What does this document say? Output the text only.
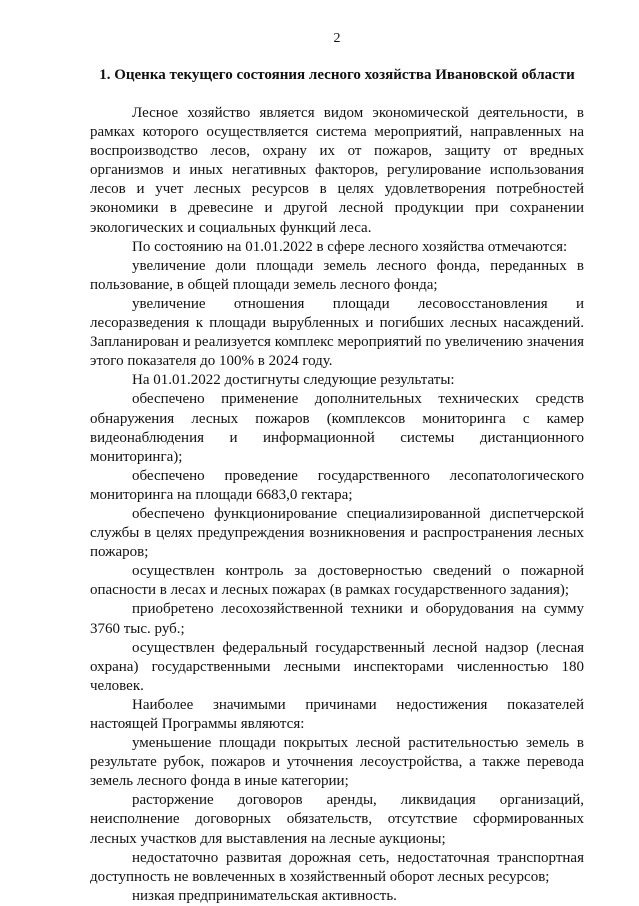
2
1. Оценка текущего состояния лесного хозяйства Ивановской области

Лесное хозяйство является видом экономической деятельности, в рамках которого осуществляется система мероприятий, направленных на воспроизводство лесов, охрану их от пожаров, защиту от вредных организмов и иных негативных факторов, регулирование использования лесов и учет лесных ресурсов в целях удовлетворения потребностей экономики в древесине и другой лесной продукции при сохранении экологических и социальных функций леса.

По состоянию на 01.01.2022 в сфере лесного хозяйства отмечаются:

увеличение доли площади земель лесного фонда, переданных в пользование, в общей площади земель лесного фонда;

увеличение отношения площади лесовосстановления и лесоразведения к площади вырубленных и погибших лесных насаждений. Запланирован и реализуется комплекс мероприятий по увеличению значения этого показателя до 100% в 2024 году.

На 01.01.2022 достигнуты следующие результаты:

обеспечено применение дополнительных технических средств обнаружения лесных пожаров (комплексов мониторинга с камер видеонаблюдения и информационной системы дистанционного мониторинга);

обеспечено проведение государственного лесопатологического мониторинга на площади 6683,0 гектара;

обеспечено функционирование специализированной диспетчерской службы в целях предупреждения возникновения и распространения лесных пожаров;

осуществлен контроль за достоверностью сведений о пожарной опасности в лесах и лесных пожарах (в рамках государственного задания);

приобретено лесохозяйственной техники и оборудования на сумму 3760 тыс. руб.;

осуществлен федеральный государственный лесной надзор (лесная охрана) государственными лесными инспекторами численностью 180 человек.

Наиболее значимыми причинами недостижения показателей настоящей Программы являются:

уменьшение площади покрытых лесной растительностью земель в результате рубок, пожаров и уточнения лесоустройства, а также перевода земель лесного фонда в иные категории;

расторжение договоров аренды, ликвидация организаций, неисполнение договорных обязательств, отсутствие сформированных лесных участков для выставления на лесные аукционы;

недостаточно развитая дорожная сеть, недостаточная транспортная доступность не вовлеченных в хозяйственный оборот лесных ресурсов;

низкая предпринимательская активность.
